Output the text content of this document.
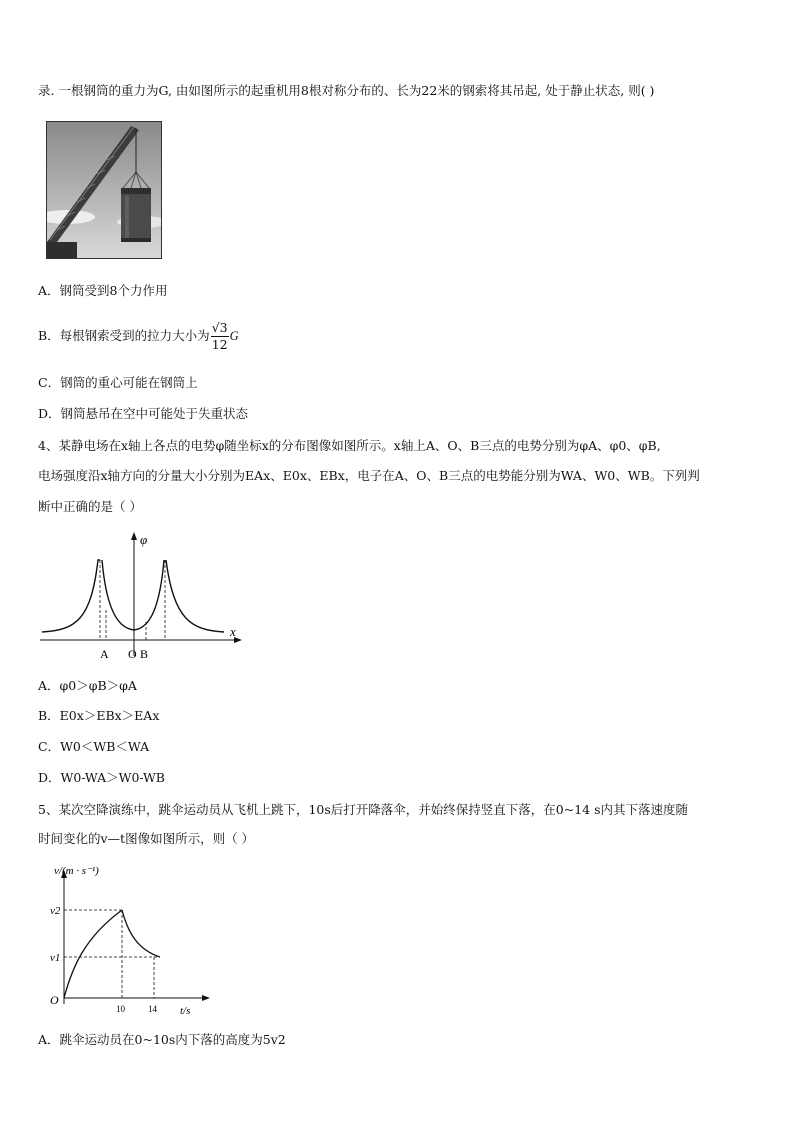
录. 一根钢筒的重力为G, 由如图所示的起重机用8根对称分布的、长为22米的钢索将其吊起, 处于静止状态, 则( )
A．钢筒受到8个力作用
B．每根钢索受到的拉力大小为 $\frac{√3}{12}$ G
C．钢筒的重心可能在钢筒上
D．钢筒悬吊在空中可能处于失重状态
4、某静电场在x轴上各点的电势φ随坐标x的分布图像如图所示。x轴上A、O、B三点的电势分别为φA、φ0、φB,
电场强度沿x轴方向的分量大小分别为EAx、E0x、EBx，电子在A、O、B三点的电势能分别为WA、W0、WB。下列判
断中正确的是（ ）
φ
x
A O B
A．φ0＞φB＞φA
B．E0x＞EBx＞EAx
C．W0＜WB＜WA
D．W0-WA＞W0-WB
5、某次空降演练中，跳伞运动员从飞机上跳下，10s后打开降落伞，并始终保持竖直下落，在0~14 s内其下落速度随
时间变化的v—t图像如图所示，则（ ）
v/(m · s⁻¹)
t/s
O
v2
v1
10	14
A．跳伞运动员在0~10s内下落的高度为5v2
